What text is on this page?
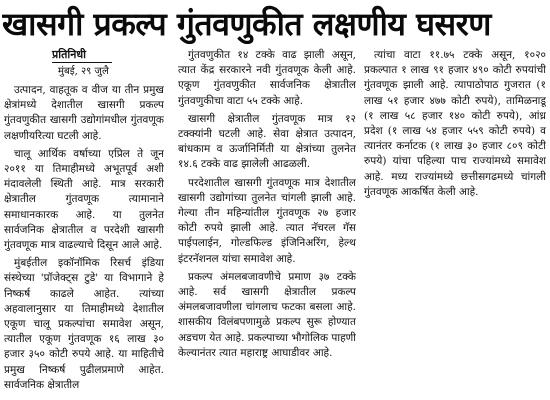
खासगी प्रकल्प गुंतवणुकीत लक्षणीय घसरण
प्रतिनिधी
मुंबई, २९ जुलै

उत्पादन, वाहतूक व वीज या तीन प्रमुख क्षेत्रांमध्ये देशातील खासगी प्रकल्प गुंतवणुकीत खासगी उद्योगांमधील गुंतवणूक लक्षणीयरित्या घटली आहे.

चालू आर्थिक वर्षाच्या एप्रिल ते जून २०११ या तिमाहीमध्ये अभूतपूर्व अशी मंदावलेली स्थिती आहे. मात्र सरकारी क्षेत्रातील गुंतवणूक त्यामानाने समाधानकारक आहे. या तुलनेत सार्वजनिक क्षेत्रातील व परदेशी खासगी गुंतवणूक मात्र वाढल्याचे दिसून आले आहे.

मुंबईतील इकॉनॉमिक रिसर्च इंडिया संस्थेच्या 'प्रॉजेक्ट्स टुडे' या विभागाने हे निष्कर्ष काढले आहेत. त्यांच्या अहवालानुसार या तिमाहीमध्ये देशातील एकूण चालू प्रकल्पांचा समावेश असून, त्यातील एकूण गुंतवणूक १६ लाख ३० हजार ३५० कोटी रुपये आहे. या माहितीचे प्रमुख निष्कर्ष पुढीलप्रमाणे आहेत. सार्वजनिक क्षेत्रातील

गुंतवणुकीत १४ टक्के वाढ झाली असून, त्यात केंद्र सरकारने नवी गुंतवणूक केली आहे. एकूण गुंतवणुकीत सार्वजनिक क्षेत्रातील गुंतवणुकीचा वाटा ५५ टक्के आहे.

खासगी क्षेत्रातील गुंतवणूक मात्र १२ टक्क्यांनी घटली आहे. सेवा क्षेत्रात उत्पादन, बांधकाम व ऊर्जानिर्मिती या क्षेत्रांच्या तुलनेत १४.६ टक्के वाढ झालेली आढळली.

परदेशातील खासगी गुंतवणूक मात्र देशातील खासगी उद्योगांच्या तुलनेत चांगली झाली आहे. गेल्या तीन महिन्यांतील गुंतवणूक २७ हजार कोटी रुपये झाली आहे. त्यात नॅचरल गॅस पाईपलाईन, गोल्डफिल्ड इंजिनिअरिंग, हेल्थ इंटरनॅशनल यांचा समावेश आहे.

प्रकल्प अंमलबजावणीचे प्रमाण ३७ टक्के आहे. सर्व खासगी क्षेत्रातील प्रकल्प अंमलबजावणीला चांगलाच फटका बसला आहे. शासकीय विलंबपणामुळे प्रकल्प सुरू होण्यात अडचण येत आहे. प्रकल्पाच्या भौगोलिक पाहणी केल्यानंतर त्यात महाराष्ट्र आघाडीवर आहे.

त्यांचा वाटा ११.७५ टक्के असून, १०२० प्रकल्पात १ लाख ९१ हजार ४९० कोटी रुपयांची गुंतवणूक झाली आहे. त्यापाठोपाठ गुजरात (१ लाख ५१ हजार ४७७ कोटी रुपये), तामिळनाडू (१ लाख ५८ हजार १४० कोटी रुपये), आंध्र प्रदेश (१ लाख ५४ हजार ५५९ कोटी रुपये) व त्यानंतर कर्नाटक (१ लाख ३० हजार ८०९ कोटी रुपये) यांचा पहिल्या पाच राज्यांमध्ये समावेश आहे. मध्य राज्यांमध्ये छत्तीसगढमध्ये चांगली गुंतवणूक आकर्षित केली आहे.
